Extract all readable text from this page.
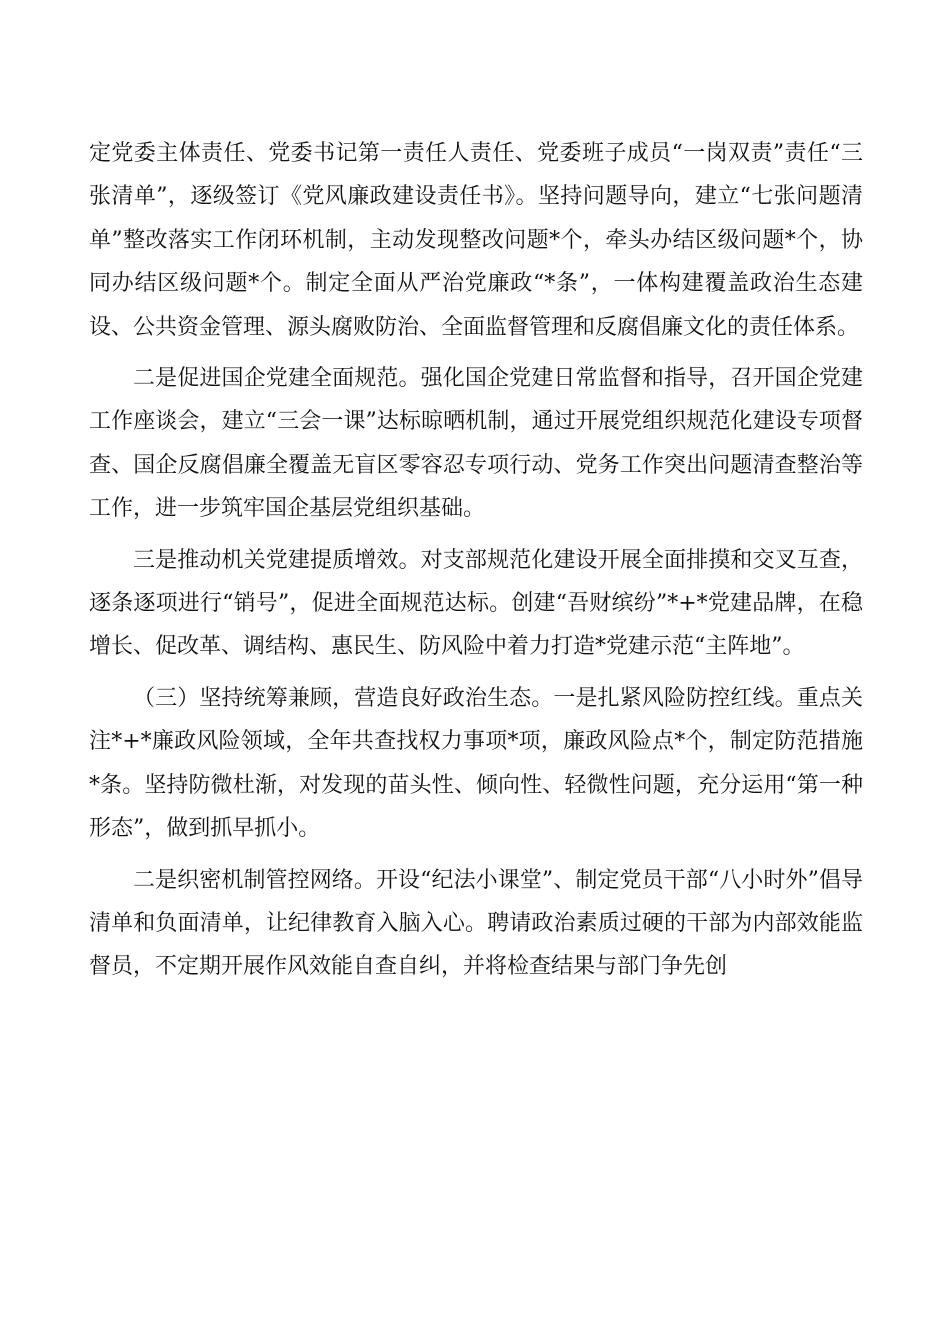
定党委主体责任、党委书记第一责任人责任、党委班子成员“一岗双责”责任“三张清单”，逐级签订《党风廉政建设责任书》。坚持问题导向，建立“七张问题清单”整改落实工作闭环机制，主动发现整改问题*个，牵头办结区级问题*个，协同办结区级问题*个。制定全面从严治党廉政“*条”，一体构建覆盖政治生态建设、公共资金管理、源头腐败防治、全面监督管理和反腐倡廉文化的责任体系。

二是促进国企党建全面规范。强化国企党建日常监督和指导，召开国企党建工作座谈会，建立“三会一课”达标晾晒机制，通过开展党组织规范化建设专项督查、国企反腐倡廉全覆盖无盲区零容忍专项行动、党务工作突出问题清查整治等工作，进一步筑牢国企基层党组织基础。

三是推动机关党建提质增效。对支部规范化建设开展全面排摸和交叉互查，逐条逐项进行“销号”，促进全面规范达标。创建“吾财缤纷”*+*党建品牌，在稳增长、促改革、调结构、惠民生、防风险中着力打造*党建示范“主阵地”。

（三）坚持统筹兼顾，营造良好政治生态。一是扎紧风险防控红线。重点关注*+*廉政风险领域，全年共查找权力事项*项，廉政风险点*个，制定防范措施*条。坚持防微杜渐，对发现的苗头性、倾向性、轻微性问题，充分运用“第一种形态”，做到抓早抓小。

二是织密机制管控网络。开设“纪法小课堂”、制定党员干部“八小时外”倡导清单和负面清单，让纪律教育入脑入心。聘请政治素质过硬的干部为内部效能监督员，不定期开展作风效能自查自纠，并将检查结果与部门争先创
